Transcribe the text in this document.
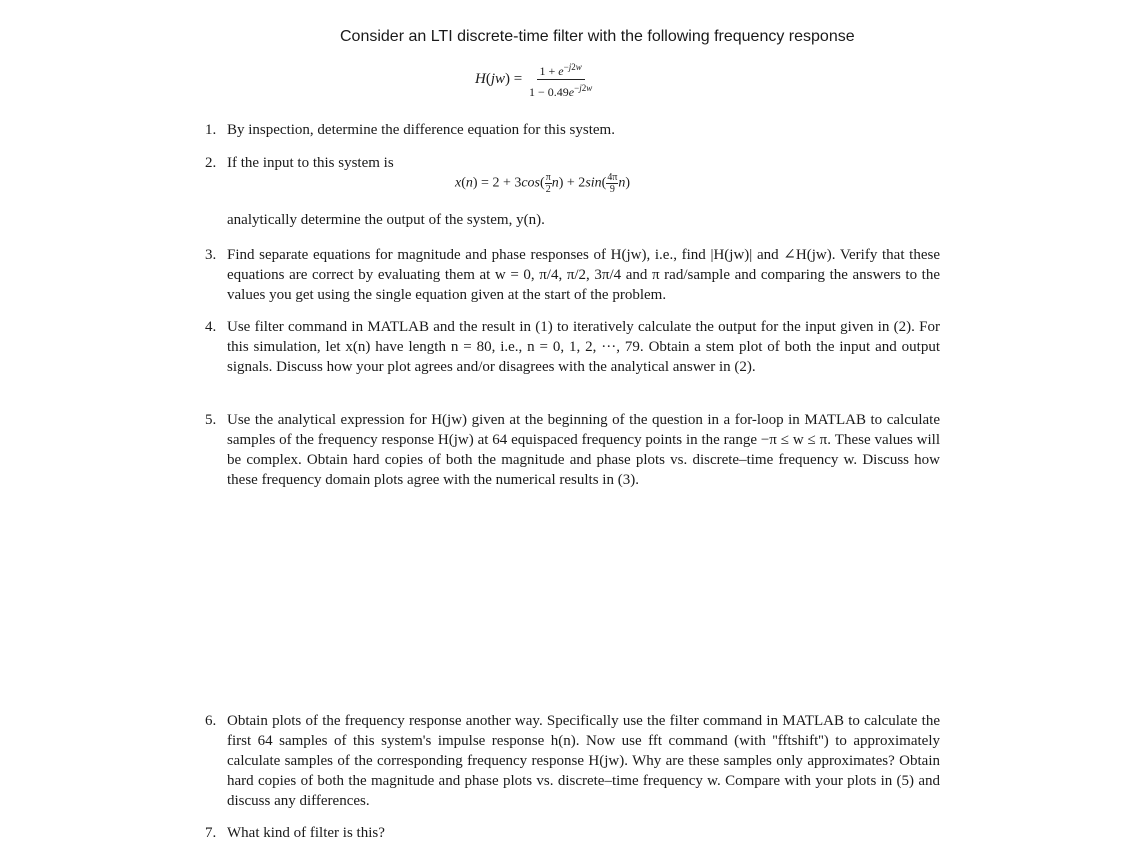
Consider an LTI discrete-time filter with the following frequency response
$H(jw) = \frac{1 + e^{-j2w}}{1 - 0.49e^{-j2w}}$
1. By inspection, determine the difference equation for this system.
2. If the input to this system is
$x(n) = 2 + 3\cos( \frac{\pi}{2} n) + 2\sin( \frac{4\pi}{9} n)$
analytically determine the output of the system, y(n).
3. Find separate equations for magnitude and phase responses of H(jw), i.e., find |H(jw)| and ∠H(jw). Verify that these equations are correct by evaluating them at w = 0, π/4, π/2, 3π/4 and π rad/sample and comparing the answers to the values you get using the single equation given at the start of the problem.
4. Use filter command in MATLAB and the result in (1) to iteratively calculate the output for the input given in (2). For this simulation, let x(n) have length n = 80, i.e., n = 0, 1, 2, ···, 79. Obtain a stem plot of both the input and output signals. Discuss how your plot agrees and/or disagrees with the analytical answer in (2).
5. Use the analytical expression for H(jw) given at the beginning of the question in a for-loop in MATLAB to calculate samples of the frequency response H(jw) at 64 equispaced frequency points in the range −π ≤ w ≤ π. These values will be complex. Obtain hard copies of both the magnitude and phase plots vs. discrete–time frequency w. Discuss how these frequency domain plots agree with the numerical results in (3).
6. Obtain plots of the frequency response another way. Specifically use the filter command in MATLAB to calculate the first 64 samples of this system's impulse response h(n). Now use fft command (with ''fftshift'') to approximately calculate samples of the corresponding frequency response H(jw). Why are these samples only approximates? Obtain hard copies of both the magnitude and phase plots vs. discrete–time frequency w. Compare with your plots in (5) and discuss any differences.
7. What kind of filter is this?
